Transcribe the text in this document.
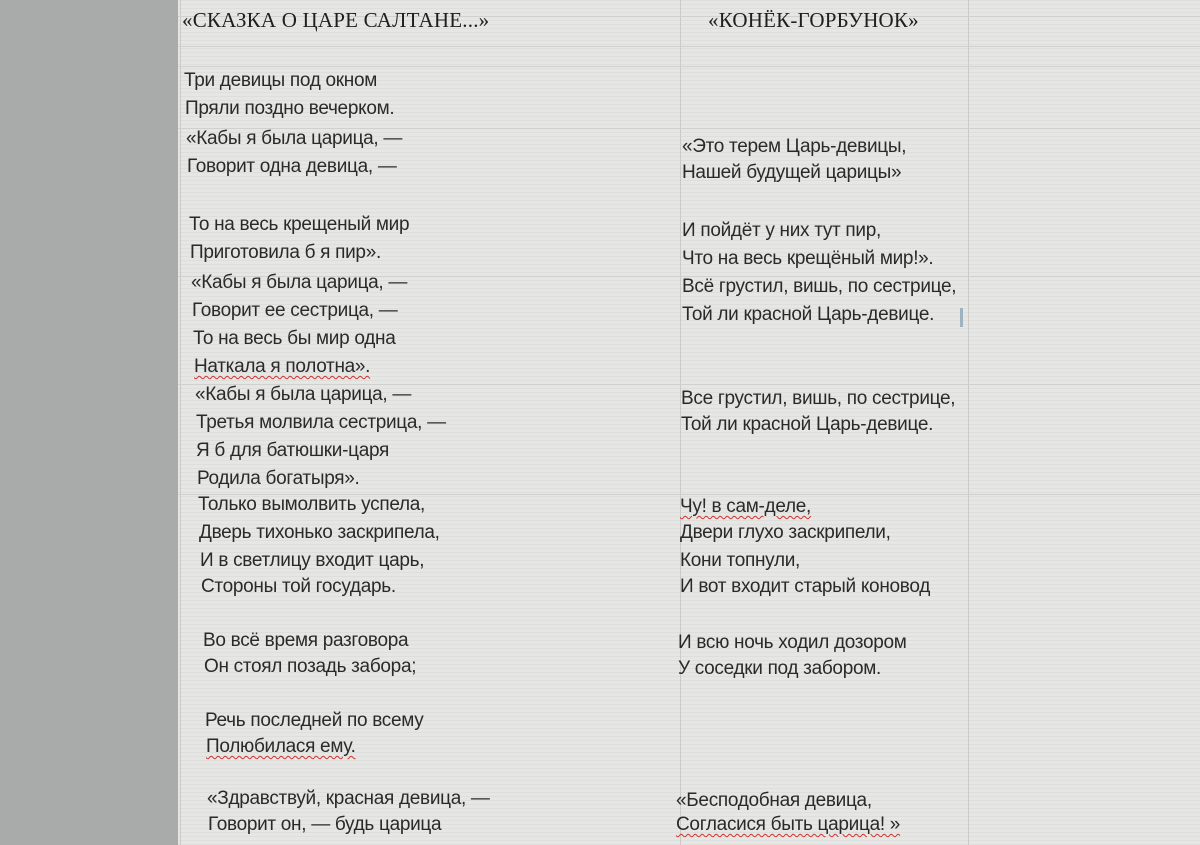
«СКАЗКА О ЦАРЕ САЛТАНЕ...»	«КОНЁК-ГОРБУНОК»
Три девицы под окном
Пряли поздно вечерком.
«Кабы я была царица, —
Говорит одна девица, —
То на весь крещеный мир
Приготовила б я пир».
«Кабы я была царица, —
Говорит ее сестрица, —
То на весь бы мир одна
Наткала я полотна».
«Кабы я была царица, —
Третья молвила сестрица, —
Я б для батюшки-царя
Родила богатыря».
Только вымолвить успела,
Дверь тихонько заскрипела,
И в светлицу входит царь,
Стороны той государь.
Во всё время разговора
Он стоял позадь забора;
Речь последней по всему
Полюбилася ему.
«Здравствуй, красная девица, —
Говорит он, — будь царица
«Это терем Царь-девицы,
Нашей будущей царицы»
И пойдёт у них тут пир,
Что на весь крещёный мир!».
Всё грустил, вишь, по сестрице,
Той ли красной Царь-девице.
Все грустил, вишь, по сестрице,
Той ли красной Царь-девице.
Чу! в сам-деле,
Двери глухо заскрипели,
Кони топнули,
И вот входит старый коновод
И всю ночь ходил дозором
У соседки под забором.
«Бесподобная девица,
Согласися быть царица! »
